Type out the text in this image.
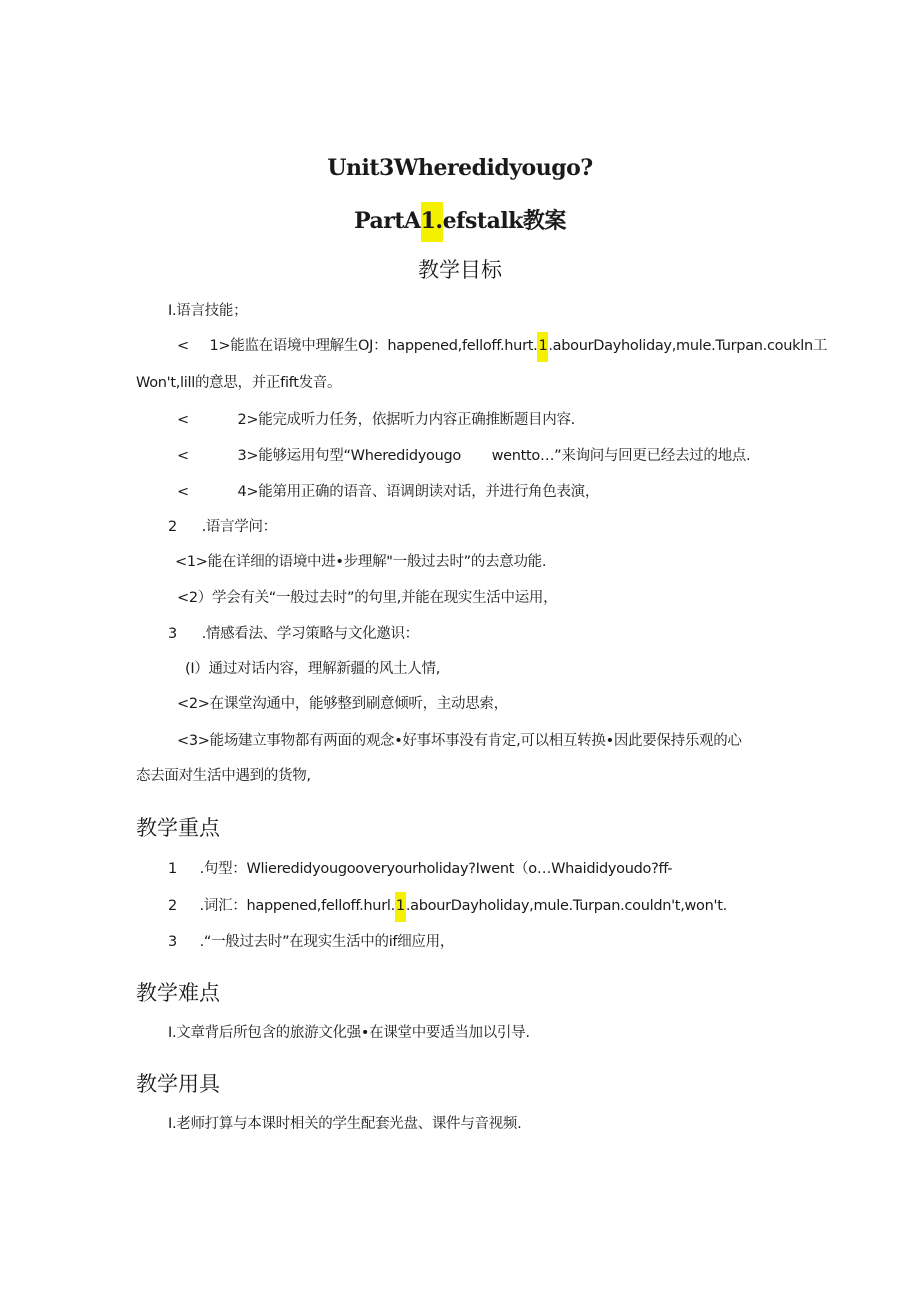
Unit3Wheredidyougo?
PartA1.efstalk教案
教学目标
I.语言技能；
< 1>能监在语境中理解生OJ：happened,felloff.hurt.1.abourDayholiday,mule.Turpan.coukln工
Won't,lill的意思，并正fift发音。
<	2>能完成听力任务，依据听力内容正确推断题目内容.
<	3>能够运用句型“Wheredidyougo wentto…”来询问与回更已经去过的地点.
<	4>能第用正确的语音、语调朗读对话，并进行角色表演，
2 .语言学问：
<1>能在详细的语境中进•步理解"一般过去时”的去意功能.
<2）学会有关“一般过去时”的句里,并能在现实生活中运用，
3 .情感看法、学习策略与文化邀识：
(I）通过对话内容，理解新疆的风土人情,
<2>在课堂沟通中，能够整到刷意倾听，主动思索，
<3>能场建立事物都有两面的观念•好事坏事没有肯定,可以相互转换•因此要保持乐观的心
态去面对生活中遇到的货物,
教学重点
1 .句型：Wlieredidyougooveryourholiday?Iwent（o…Whaididyoudo?ff-
2 .词汇：happened,felloff.hurl.1.abourDayholiday,mule.Turpan.couldn't,won't.
3 .“一般过去时”在现实生活中的if细应用，
教学难点
I.文章背后所包含的旅游文化强•在课堂中要适当加以引导.
教学用具
I.老师打算与本课时相关的学生配套光盘、课件与音视频.
